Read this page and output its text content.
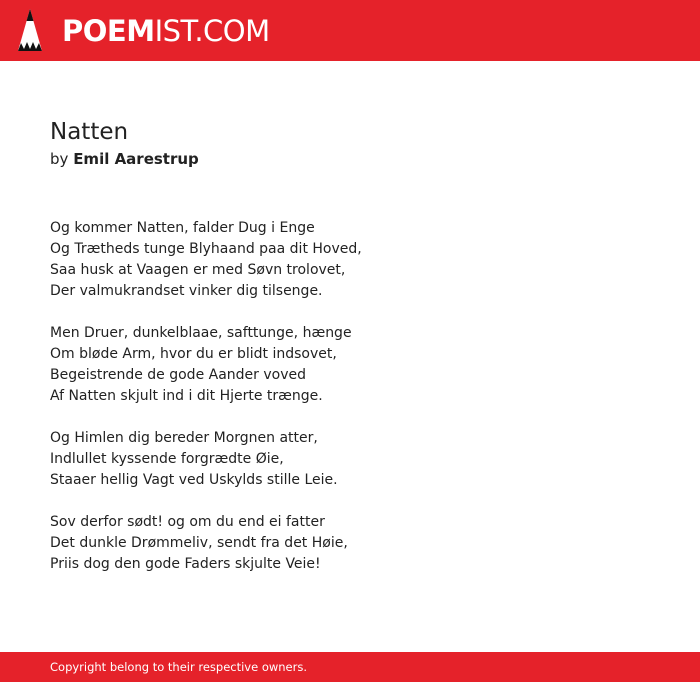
POEMIST.COM
Natten
by Emil Aarestrup
Og kommer Natten, falder Dug i Enge
Og Trætheds tunge Blyhaand paa dit Hoved,
Saa husk at Vaagen er med Søvn trolovet,
Der valmukrandset vinker dig tilsenge.
Men Druer, dunkelblaae, safttunge, hænge
Om bløde Arm, hvor du er blidt indsovet,
Begeistrende de gode Aander voved
Af Natten skjult ind i dit Hjerte trænge.
Og Himlen dig bereder Morgnen atter,
Indlullet kyssende forgrædte Øie,
Staaer hellig Vagt ved Uskylds stille Leie.
Sov derfor sødt! og om du end ei fatter
Det dunkle Drømmeliv, sendt fra det Høie,
Priis dog den gode Faders skjulte Veie!
Copyright belong to their respective owners.
